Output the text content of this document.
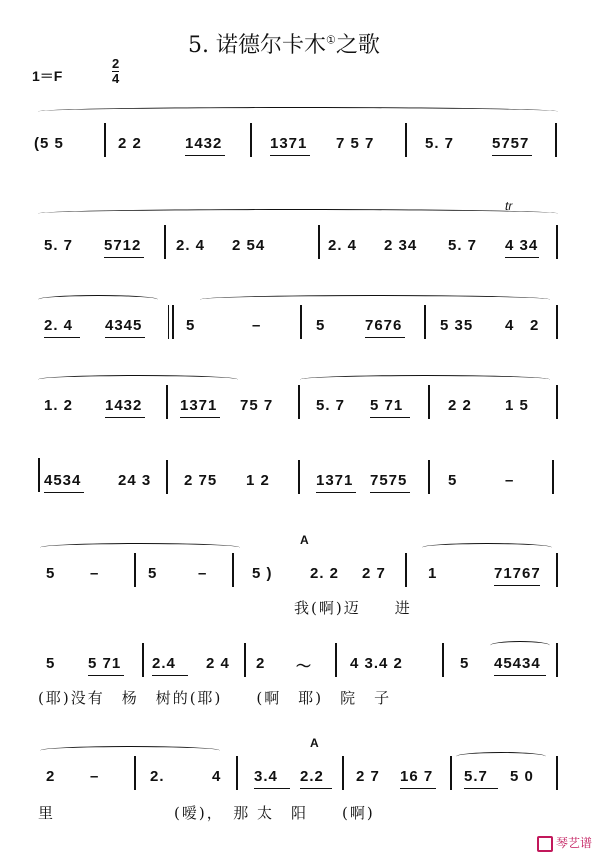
5. 诺德尔卡木①之歌
1＝F
2
4
(5 5	2 2	1432	1371 7 5 7	5. 7	5757
tr
5. 7 5712 2. 4 2 54	2. 4 2 34 5. 7 4 34
2. 4 4345	5	–	5	7676	5 35 4 2
1. 2 1432	1371 75 7	5. 7 5 71	2 2 1 5
4534 24 3 2 75 1 2	1371 7575	5	–
A
5 –	5	–	5 ) 2. 2 2 7	1	71767
我(啊)迈　　进
5 5 71 2.4 2 4 2 ～	4 3.4 2	5 45434
(耶)没有　杨　树的(耶)　　(啊　耶)　院　子
A
2 –	2.	4 3.4 2.2 2 7 16 7 5.7 5 0
里　　　　　　　(嗳)，　那 太　阳　　(啊)
琴艺谱
